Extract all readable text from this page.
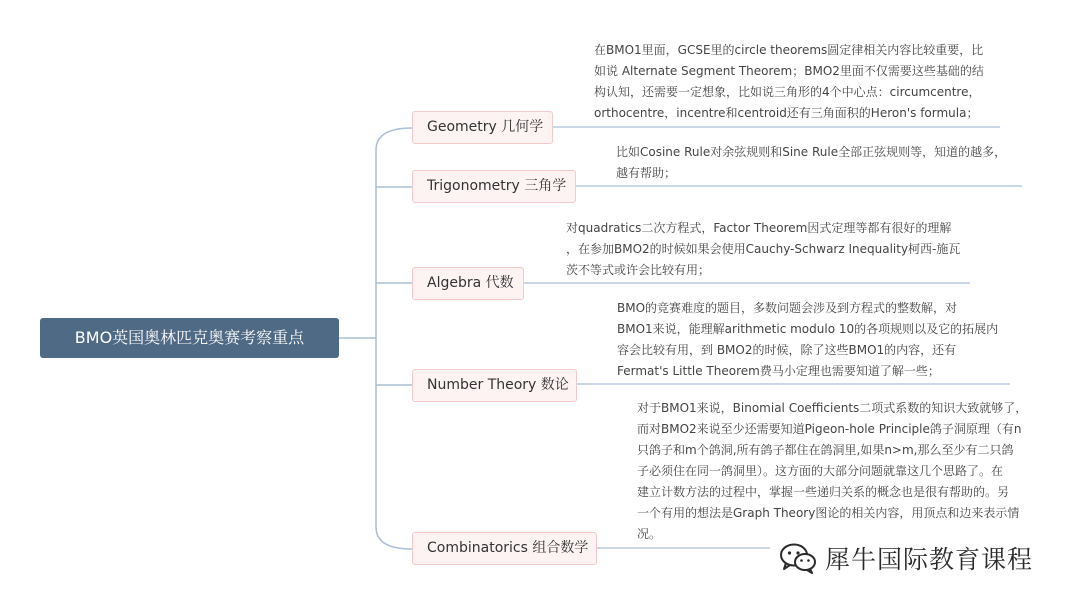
BMO英国奥林匹克奥赛考察重点
Geometry 几何学
Trigonometry 三角学
Algebra 代数
Number Theory 数论
Combinatorics 组合数学
在BMO1里面，GCSE里的circle theorems圆定律相关内容比较重要，比
如说 Alternate Segment Theorem；BMO2里面不仅需要这些基础的结
构认知，还需要一定想象，比如说三角形的4个中心点：circumcentre，
orthocentre，incentre和centroid还有三角面积的Heron's formula；
比如Cosine Rule对余弦规则和Sine Rule全部正弦规则等，知道的越多，
越有帮助；
对quadratics二次方程式，Factor Theorem因式定理等都有很好的理解
，在参加BMO2的时候如果会使用Cauchy-Schwarz Inequality柯西-施瓦
茨不等式或许会比较有用；
BMO的竞赛难度的题目，多数问题会涉及到方程式的整数解，对
BMO1来说，能理解arithmetic modulo 10的各项规则以及它的拓展内
容会比较有用，到 BMO2的时候，除了这些BMO1的内容，还有
Fermat's Little Theorem费马小定理也需要知道了解一些；
对于BMO1来说，Binomial Coefficients二项式系数的知识大致就够了，
而对BMO2来说至少还需要知道Pigeon-hole Principle鸽子洞原理（有n
只鸽子和m个鸽洞,所有鸽子都住在鸽洞里,如果n>m,那么至少有二只鸽
子必须住在同一鸽洞里）。这方面的大部分问题就靠这几个思路了。在
建立计数方法的过程中，掌握一些递归关系的概念也是很有帮助的。另
一个有用的想法是Graph Theory图论的相关内容，用顶点和边来表示情
况。
犀牛国际教育课程
